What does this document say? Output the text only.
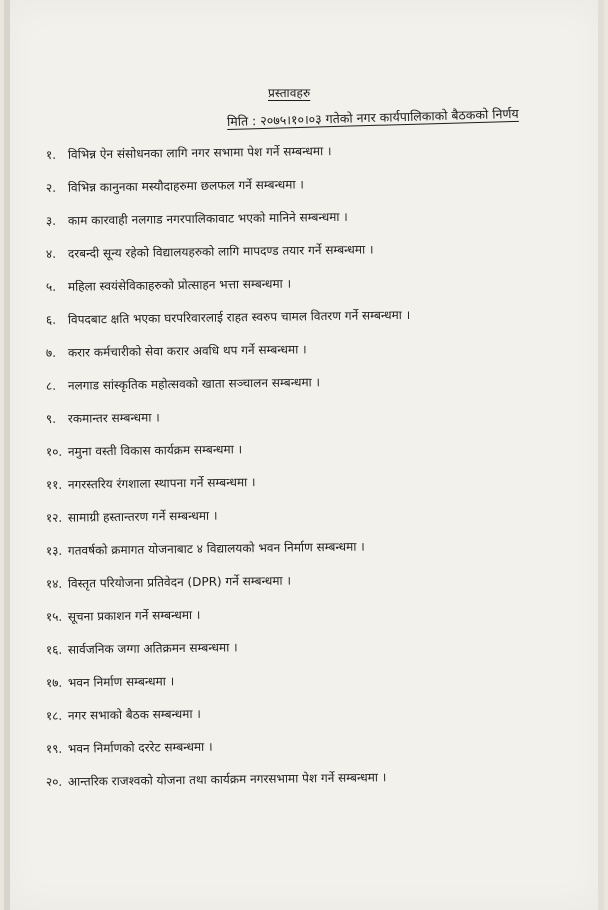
प्रस्तावहरु
मिति : २०७५।१०।०३ गतेको नगर कार्यपालिकाको बैठकको निर्णय
१. विभिन्न ऐन संसोधनका लागि नगर सभामा पेश गर्ने सम्बन्धमा ।
२. विभिन्न कानुनका मस्यौदाहरुमा छलफल गर्ने सम्बन्धमा ।
३. काम कारवाही नलगाड नगरपालिकावाट भएको मानिने सम्बन्धमा ।
४. दरबन्दी सून्य रहेको विद्यालयहरुको लागि मापदण्ड तयार गर्ने सम्बन्धमा ।
५. महिला स्वयंसेविकाहरुको प्रोत्साहन भत्ता सम्बन्धमा ।
६. विपदबाट क्षति भएका घरपरिवारलाई राहत स्वरुप चामल वितरण गर्ने सम्बन्धमा ।
७. करार कर्मचारीको सेवा करार अवधि थप गर्ने सम्बन्धमा ।
८. नलगाड सांस्कृतिक महोत्सवको खाता सञ्चालन सम्बन्धमा ।
९. रकमान्तर सम्बन्धमा ।
१०. नमुना वस्ती विकास कार्यक्रम सम्बन्धमा ।
११. नगरस्तरिय रंगशाला स्थापना गर्ने सम्बन्धमा ।
१२. सामाग्री हस्तान्तरण गर्ने सम्बन्धमा ।
१३. गतवर्षको क्रमागत योजनाबाट ४ विद्यालयको भवन निर्माण सम्बन्धमा ।
१४. विस्तृत परियोजना प्रतिवेदन (DPR) गर्ने सम्बन्धमा ।
१५. सूचना प्रकाशन गर्ने सम्बन्धमा ।
१६. सार्वजनिक जग्गा अतिक्रमन सम्बन्धमा ।
१७. भवन निर्माण सम्बन्धमा ।
१८. नगर सभाको बैठक सम्बन्धमा ।
१९. भवन निर्माणको दररेट सम्बन्धमा ।
२०. आन्तरिक राजश्वको योजना तथा कार्यक्रम नगरसभामा पेश गर्ने सम्बन्धमा ।
